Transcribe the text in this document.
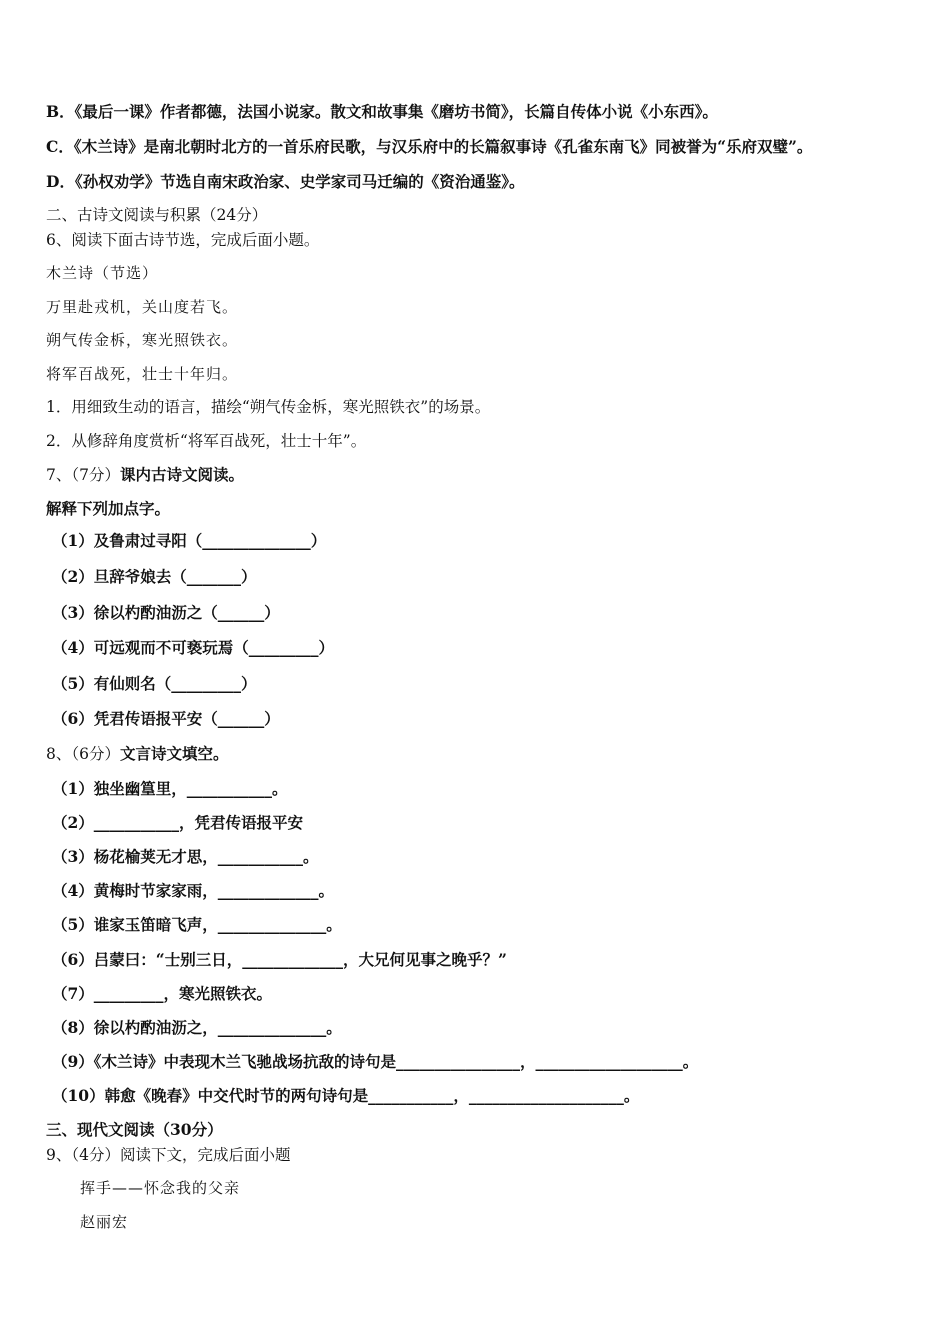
B．《最后一课》作者都德，法国小说家。散文和故事集《磨坊书简》，长篇自传体小说《小东西》。
C．《木兰诗》是南北朝时北方的一首乐府民歌，与汉乐府中的长篇叙事诗《孔雀东南飞》同被誉为“乐府双璧”。
D．《孙权劝学》节选自南宋政治家、史学家司马迁编的《资治通鉴》。
二、古诗文阅读与积累（24分）
6、阅读下面古诗节选，完成后面小题。
木兰诗（节选）
万里赴戎机，关山度若飞。
朔气传金柝，寒光照铁衣。
将军百战死，壮士十年归。
1．用细致生动的语言，描绘“朔气传金柝，寒光照铁衣”的场景。
2．从修辞角度赏析“将军百战死，壮士十年”。
7、（7分）课内古诗文阅读。
解释下列加点字。
（1）及鲁肃过寻阳（______________）
（2）旦辞爷娘去（_______）
（3）徐以杓酌油沥之（______）
（4）可远观而不可亵玩焉（_________）
（5）有仙则名（_________）
（6）凭君传语报平安（______）
8、（6分）文言诗文填空。
（1）独坐幽篁里，___________。
（2）___________，凭君传语报平安
（3）杨花榆荚无才思，___________。
（4）黄梅时节家家雨，_____________。
（5）谁家玉笛暗飞声，______________。
（6）吕蒙曰：“士别三日，_____________，大兄何见事之晚乎？”
（7）_________，寒光照铁衣。
（8）徐以杓酌油沥之，______________。
（9）《木兰诗》中表现木兰飞驰战场抗敌的诗句是________________，___________________。
（10）韩愈《晚春》中交代时节的两句诗句是___________，____________________。
三、现代文阅读（30分）
9、（4分）阅读下文，完成后面小题
挥手——怀念我的父亲
赵丽宏
